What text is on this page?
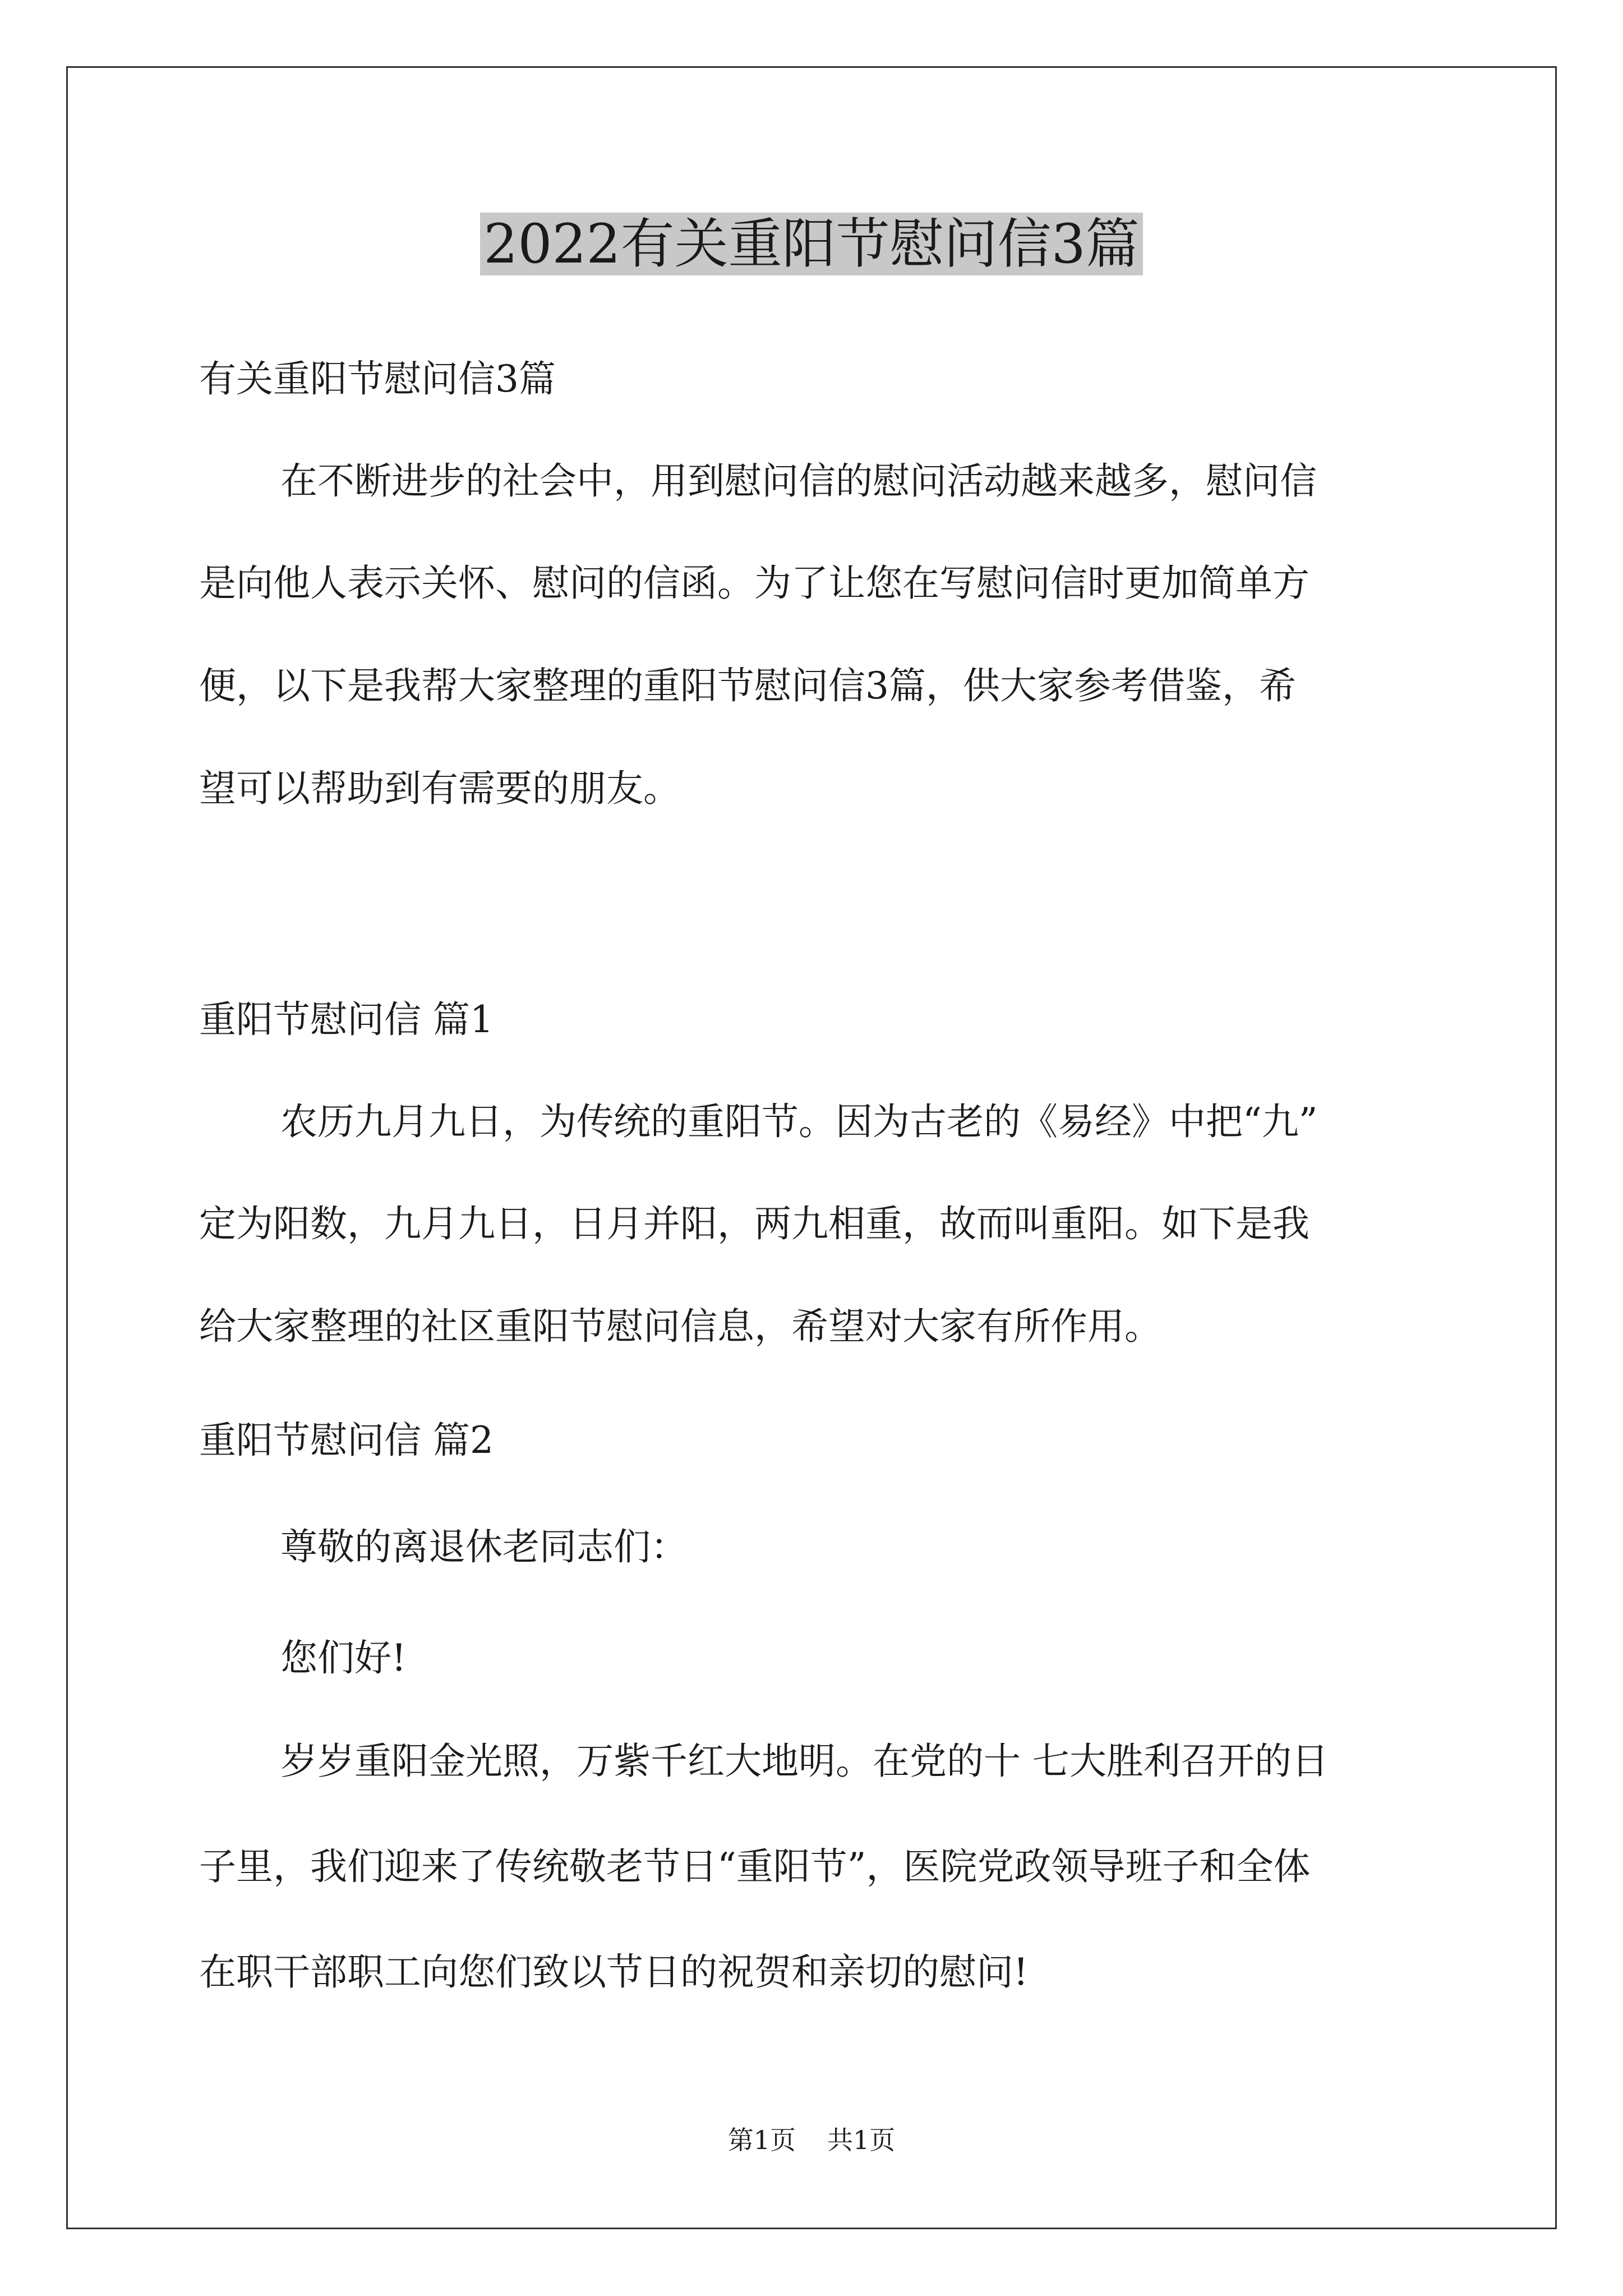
2022有关重阳节慰问信3篇
有关重阳节慰问信3篇
在不断进步的社会中，用到慰问信的慰问活动越来越多，慰问信
是向他人表示关怀、慰问的信函。为了让您在写慰问信时更加简单方
便，以下是我帮大家整理的重阳节慰问信3篇，供大家参考借鉴，希
望可以帮助到有需要的朋友。
重阳节慰问信 篇1
农历九月九日，为传统的重阳节。因为古老的《易经》中把“九”
定为阳数，九月九日，日月并阳，两九相重，故而叫重阳。如下是我
给大家整理的社区重阳节慰问信息，希望对大家有所作用。
重阳节慰问信 篇2
尊敬的离退休老同志们：
您们好!
岁岁重阳金光照，万紫千红大地明。在党的十 七大胜利召开的日
子里，我们迎来了传统敬老节日“重阳节”，医院党政领导班子和全体
在职干部职工向您们致以节日的祝贺和亲切的慰问!
第1页 共1页
